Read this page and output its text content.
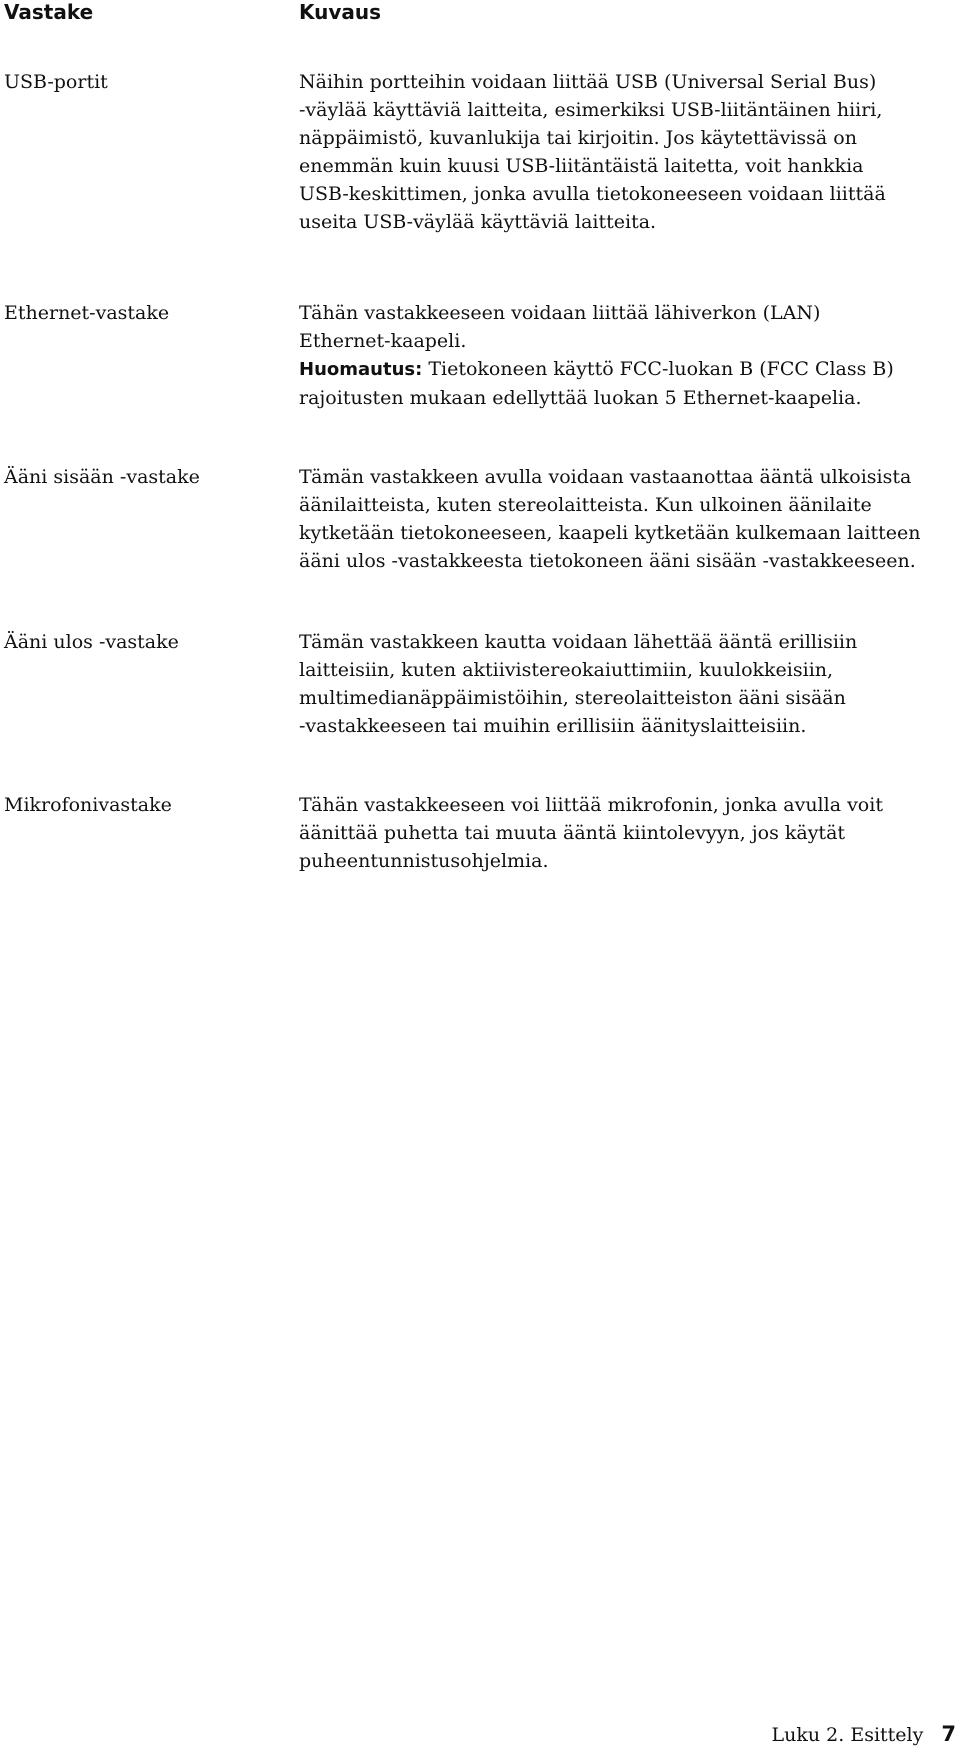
Vastake	Kuvaus
USB-portit	Näihin portteihin voidaan liittää USB (Universal Serial Bus)

-väylää käyttäviä laitteita, esimerkiksi USB-liitäntäinen hiiri,

näppäimistö, kuvanlukija tai kirjoitin. Jos käytettävissä on

enemmän kuin kuusi USB-liitäntäistä laitetta, voit hankkia

USB-keskittimen, jonka avulla tietokoneeseen voidaan liittää

useita USB-väylää käyttäviä laitteita.

Ethernet-vastake	Tähän vastakkeeseen voidaan liittää lähiverkon (LAN)

Ethernet-kaapeli.

Huomautus: Tietokoneen käyttö FCC-luokan B (FCC Class B)

rajoitusten mukaan edellyttää luokan 5 Ethernet-kaapelia.

Ääni sisään -vastake	Tämän vastakkeen avulla voidaan vastaanottaa ääntä ulkoisista

äänilaitteista, kuten stereolaitteista. Kun ulkoinen äänilaite

kytketään tietokoneeseen, kaapeli kytketään kulkemaan laitteen

ääni ulos -vastakkeesta tietokoneen ääni sisään -vastakkeeseen.

Ääni ulos -vastake	Tämän vastakkeen kautta voidaan lähettää ääntä erillisiin

laitteisiin, kuten aktiivistereokaiuttimiin, kuulokkeisiin,

multimedianäppäimistöihin, stereolaitteiston ääni sisään

-vastakkeeseen tai muihin erillisiin äänityslaitteisiin.

Mikrofonivastake	Tähän vastakkeeseen voi liittää mikrofonin, jonka avulla voit

äänittää puhetta tai muuta ääntä kiintolevyyn, jos käytät

puheentunnistusohjelmia.

Luku 2. Esittely 7
